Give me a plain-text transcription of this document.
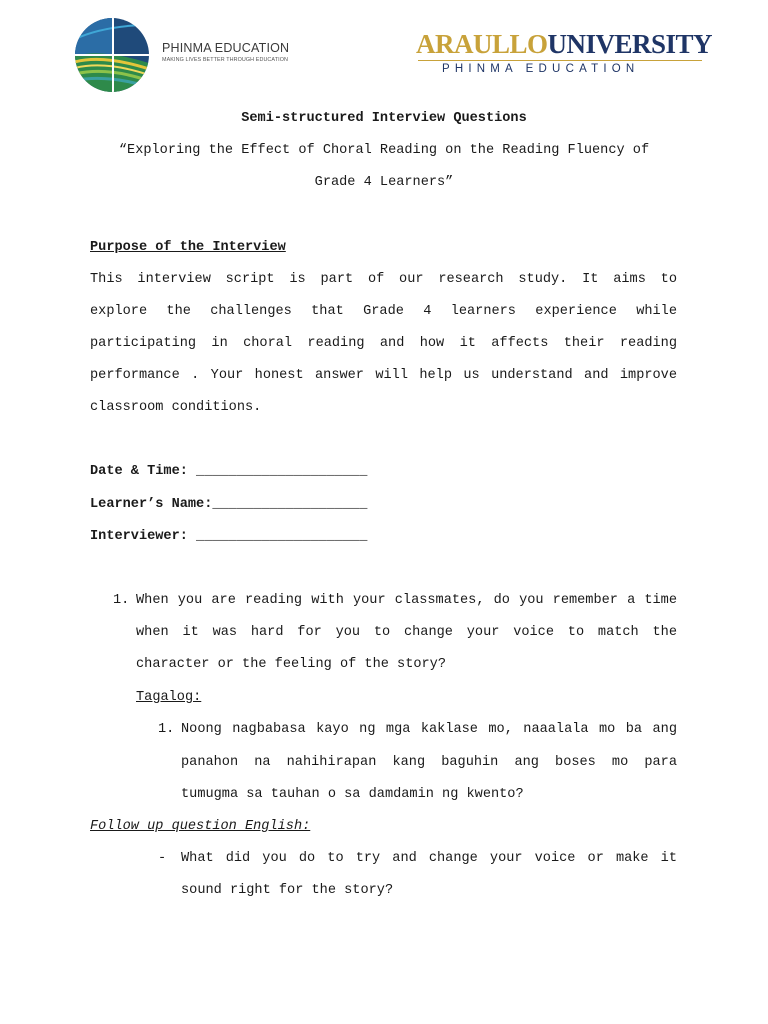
PHINMA EDUCATION
MAKING LIVES BETTER THROUGH EDUCATION
ARAULLOUNIVERSITY
PHINMA EDUCATION
Semi-structured Interview Questions
“Exploring the Effect of Choral Reading on the Reading Fluency of
Grade 4 Learners”
Purpose of the Interview
This interview script is part of our research study. It aims to
explore the challenges that Grade 4 learners experience while
participating in choral reading and how it affects their reading
performance . Your honest answer will help us understand and improve
classroom conditions.
Date & Time: _____________________
Learner’s Name:___________________
Interviewer: _____________________
1. When you are reading with your classmates, do you remember a time
when it was hard for you to change your voice to match the
character or the feeling of the story?
Tagalog:
1. Noong nagbabasa kayo ng mga kaklase mo, naaalala mo ba ang
panahon na nahihirapan kang baguhin ang boses mo para
tumugma sa tauhan o sa damdamin ng kwento?
Follow up question English:
- What did you do to try and change your voice or make it
sound right for the story?
